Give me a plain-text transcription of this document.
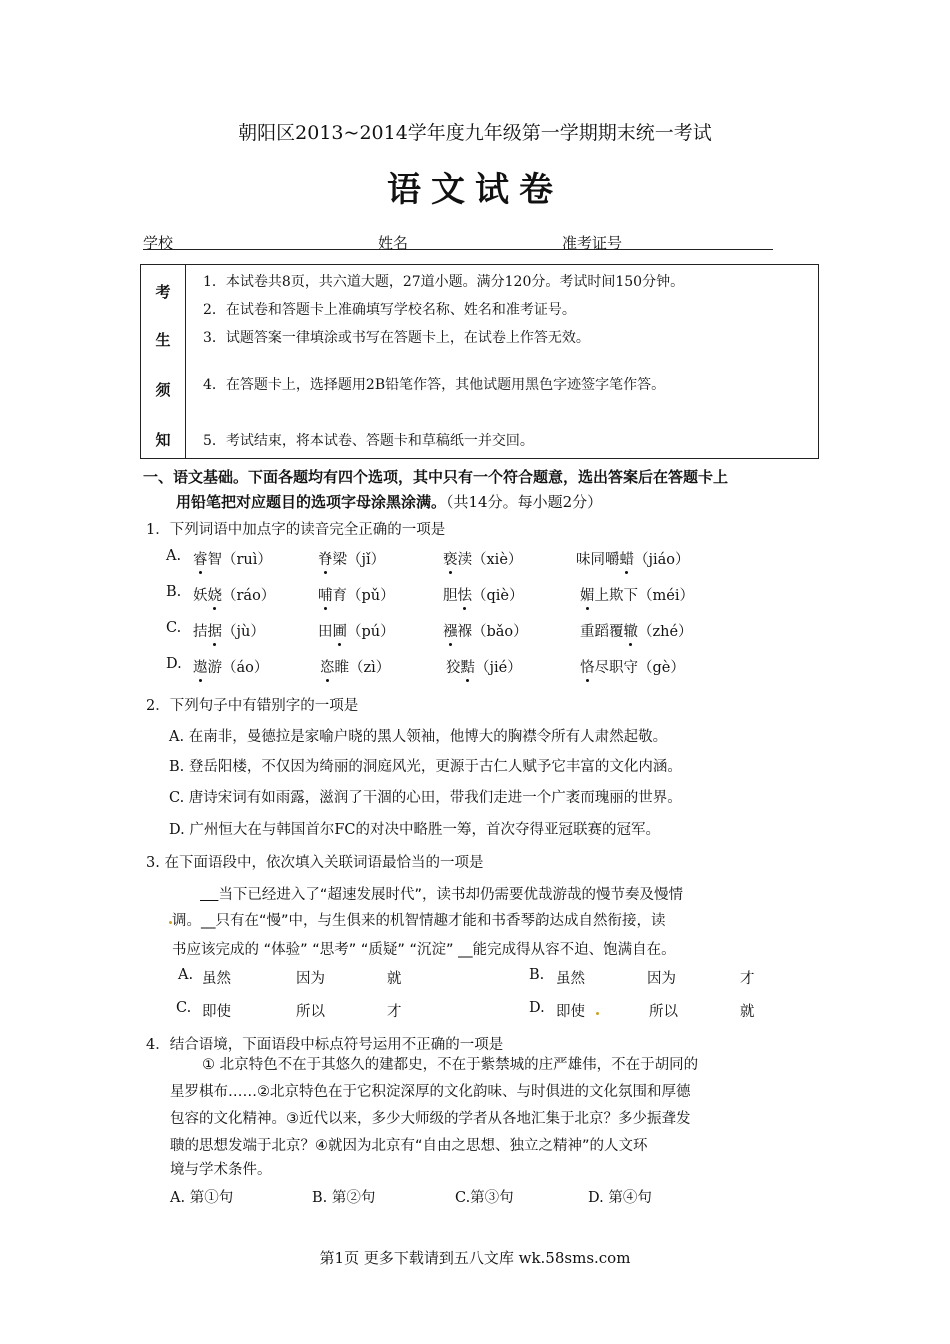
朝阳区2013~2014学年度九年级第一学期期末统一考试
语文试卷
学校	姓名	准考证号
考
生
须
知
1．本试卷共8页，共六道大题，27道小题。满分120分。考试时间150分钟。
2．在试卷和答题卡上准确填写学校名称、姓名和准考证号。
3．试题答案一律填涂或书写在答题卡上，在试卷上作答无效。
4．在答题卡上，选择题用2B铅笔作答，其他试题用黑色字迹签字笔作答。
5．考试结束，将本试卷、答题卡和草稿纸一并交回。
一、语文基础。下面各题均有四个选项，其中只有一个符合题意，选出答案后在答题卡上
用铅笔把对应题目的选项字母涂黑涂满。（共14分。每小题2分）
1．下列词语中加点字的读音完全正确的一项是
A. 睿智（ruì）	脊梁（jǐ）	亵渎（xiè）	味同嚼蜡（jiáo）
B. 妖娆（ráo）	哺育（pǔ）	胆怯（qiè）	媚上欺下（méi）
C. 拮据（jù）	田圃（pú）	襁褓（bǎo）	重蹈覆辙（zhé）
D. 遨游（áo）	恣睢（zì）	狡黠（jié）	恪尽职守（gè）
2．下列句子中有错别字的一项是
A. 在南非，曼德拉是家喻户晓的黑人领袖，他博大的胸襟令所有人肃然起敬。
B. 登岳阳楼，不仅因为绮丽的洞庭风光，更源于古仁人赋予它丰富的文化内涵。
C. 唐诗宋词有如雨露，滋润了干涸的心田，带我们走进一个广袤而瑰丽的世界。
D. 广州恒大在与韩国首尔FC的对决中略胜一筹，首次夺得亚冠联赛的冠军。
3. 在下面语段中，依次填入关联词语最恰当的一项是
当下已经进入了“超速发展时代”，读书却仍需要优哉游哉的慢节奏及慢情
调。__只有在“慢”中，与生俱来的机智情趣才能和书香琴韵达成自然衔接，读
书应该完成的 “体验” “思考” “质疑” “沉淀” __能完成得从容不迫、饱满自在。
A. 虽然	因为	就	B. 虽然	因为	才
C. 即使	所以	才	D. 即使	所以	就
4．结合语境，下面语段中标点符号运用不正确的一项是
① 北京特色不在于其悠久的建都史，不在于紫禁城的庄严雄伟，不在于胡同的
星罗棋布……②北京特色在于它积淀深厚的文化韵味、与时俱进的文化氛围和厚德
包容的文化精神。③近代以来，多少大师级的学者从各地汇集于北京？多少振聋发
聩的思想发端于北京？④就因为北京有“自由之思想、独立之精神”的人文环
境与学术条件。
A. 第①句	B. 第②句	C.第③句	D. 第④句
第1页 更多下载请到五八文库 wk.58sms.com
